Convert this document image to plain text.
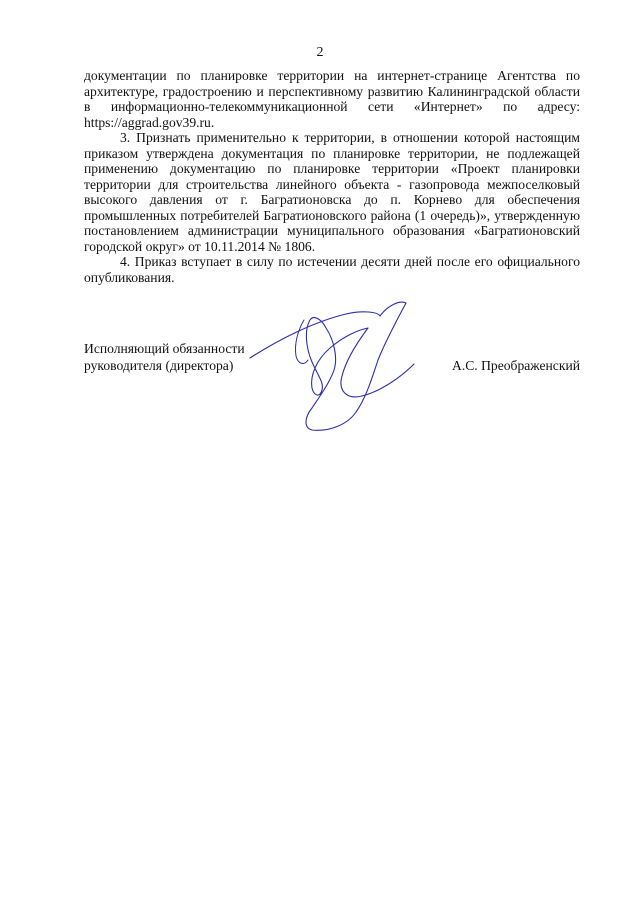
2

документации по планировке территории на интернет-странице Агентства по
архитектуре, градостроению и перспективному развитию Калининградской области
в информационно-телекоммуникационной сети «Интернет» по адресу:
https://aggrad.gov39.ru.

3. Признать применительно к территории, в отношении которой настоящим
приказом утверждена документация по планировке территории, не подлежащей
применению документацию по планировке территории «Проект планировки
территории для строительства линейного объекта - газопровода межпоселковый
высокого давления от г. Багратионовска до п. Корнево для обеспечения
промышленных потребителей Багратионовского района (1 очередь)», утвержденную
постановлением администрации муниципального образования «Багратионовский
городской округ» от 10.11.2014 № 1806.

4. Приказ вступает в силу по истечении десяти дней после его официального
опубликования.

Исполняющий обязанности
руководителя (директора)	А.С. Преображенский
